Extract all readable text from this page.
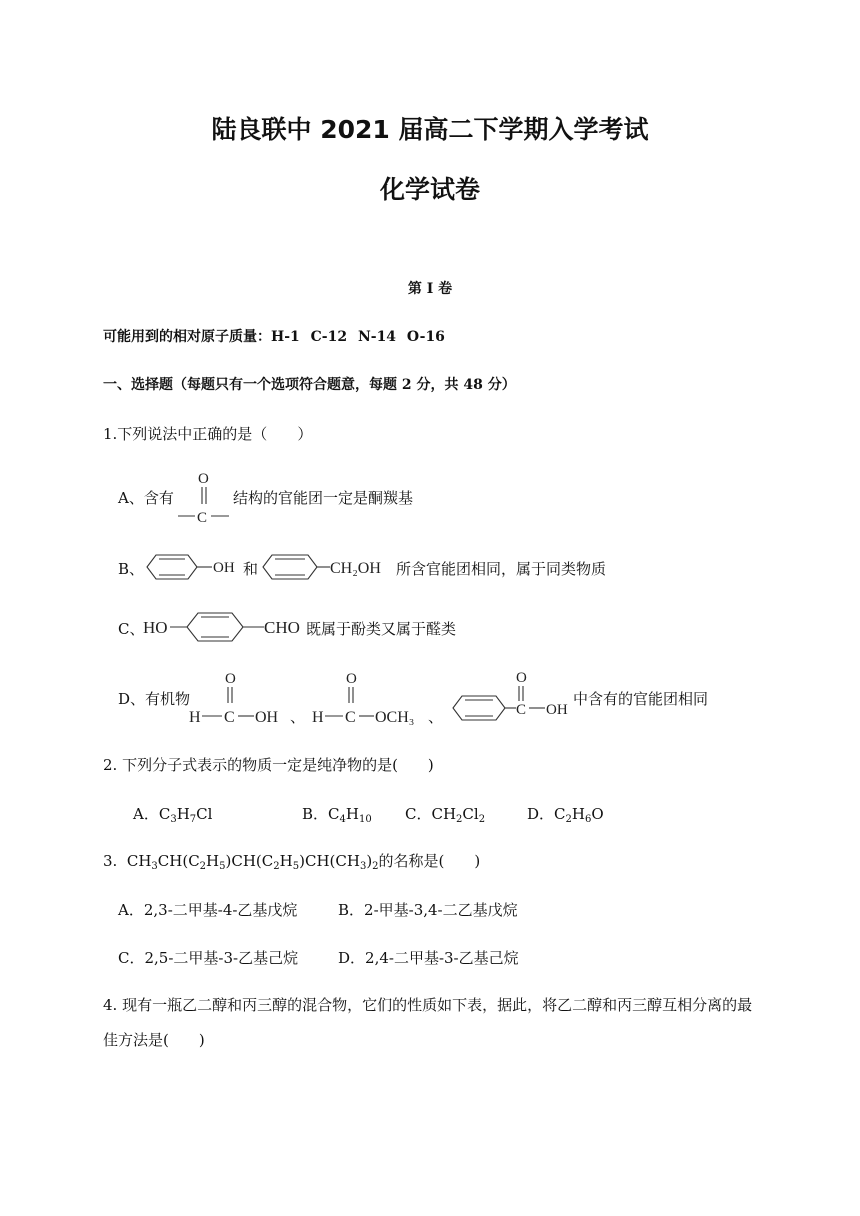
陆良联中 2021 届高二下学期入学考试
化学试卷
第 I 卷
可能用到的相对原子质量：H-1 C-12 N-14 O-16
一、选择题（每题只有一个选项符合题意，每题 2 分，共 48 分）
1.下列说法中正确的是（　　）
A、含有
O
C
结构的官能团一定是酮羰基
B、	OH 和	CH₂OH 所含官能团相同，属于同类物质
C、
HO	CHO 既属于酚类又属于醛类
D、有机物
O
H C OH 、
O
H C OCH₃ 、
O
C OH
中含有的官能团相同
2. 下列分子式表示的物质一定是纯净物的是(　　)
A．$C_3H_7Cl$	B．$C_4H_{10}$ C．$CH_2Cl_2$	D．$C_2H_6O$
3.  $CH_3CH(C_2H_5)CH(C_2H_5)CH(CH_3)_2$的名称是(　　)
A．2,3-二甲基-4-乙基戊烷	B．2-甲基-3,4-二乙基戊烷
C．2,5-二甲基-3-乙基己烷	D．2,4-二甲基-3-乙基己烷
4. 现有一瓶乙二醇和丙三醇的混合物，它们的性质如下表，据此，将乙二醇和丙三醇互相分离的最
佳方法是(　　)
